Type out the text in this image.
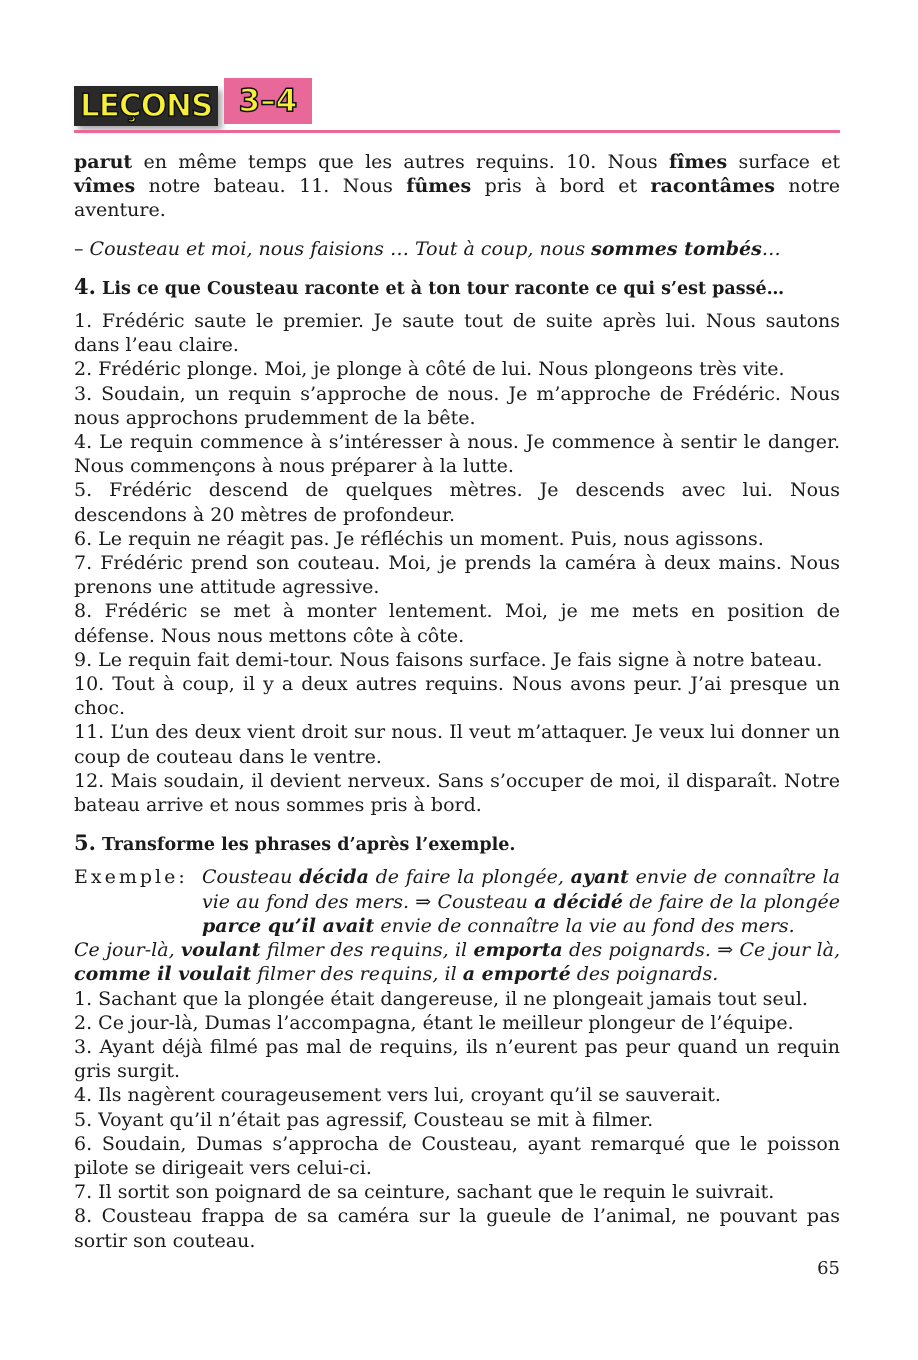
LEÇONS 3–4

parut en même temps que les autres requins. 10. Nous fîmes surface et vîmes notre bateau. 11. Nous fûmes pris à bord et racontâmes notre aventure.

– Cousteau et moi, nous faisions … Tout à coup, nous sommes tombés…

4. Lis ce que Cousteau raconte et à ton tour raconte ce qui s’est passé…

1. Frédéric saute le premier. Je saute tout de suite après lui. Nous sautons dans l’eau claire.

2. Frédéric plonge. Moi, je plonge à côté de lui. Nous plongeons très vite.

3. Soudain, un requin s’approche de nous. Je m’approche de Frédéric. Nous nous approchons prudemment de la bête.

4. Le requin commence à s’intéresser à nous. Je commence à sentir le danger. Nous commençons à nous préparer à la lutte.

5. Frédéric descend de quelques mètres. Je descends avec lui. Nous descendons à 20 mètres de profondeur.

6. Le requin ne réagit pas. Je réfléchis un moment. Puis, nous agissons.

7. Frédéric prend son couteau. Moi, je prends la caméra à deux mains. Nous prenons une attitude agressive.

8. Frédéric se met à monter lentement. Moi, je me mets en position de défense. Nous nous mettons côte à côte.

9. Le requin fait demi-tour. Nous faisons surface. Je fais signe à notre bateau.

10. Tout à coup, il y a deux autres requins. Nous avons peur. J’ai presque un choc.

11. L’un des deux vient droit sur nous. Il veut m’attaquer. Je veux lui donner un coup de couteau dans le ventre.

12. Mais soudain, il devient nerveux. Sans s’occuper de moi, il disparaît. Notre bateau arrive et nous sommes pris à bord.

5. Transforme les phrases d’après l’exemple.

Exemple: Cousteau décida de faire la plongée, ayant envie de connaître la vie au fond des mers. ⇒ Cousteau a décidé de faire de la plongée parce qu’il avait envie de connaître la vie au fond des mers.

Ce jour-là, voulant filmer des requins, il emporta des poignards. ⇒ Ce jour là, comme il voulait filmer des requins, il a emporté des poignards.

1. Sachant que la plongée était dangereuse, il ne plongeait jamais tout seul.

2. Ce jour-là, Dumas l’accompagna, étant le meilleur plongeur de l’équipe.

3. Ayant déjà filmé pas mal de requins, ils n’eurent pas peur quand un requin gris surgit.

4. Ils nagèrent courageusement vers lui, croyant qu’il se sauverait.

5. Voyant qu’il n’était pas agressif, Cousteau se mit à filmer.

6. Soudain, Dumas s’approcha de Cousteau, ayant remarqué que le poisson pilote se dirigeait vers celui-ci.

7. Il sortit son poignard de sa ceinture, sachant que le requin le suivrait.

8. Cousteau frappa de sa caméra sur la gueule de l’animal, ne pouvant pas sortir son couteau.

65
